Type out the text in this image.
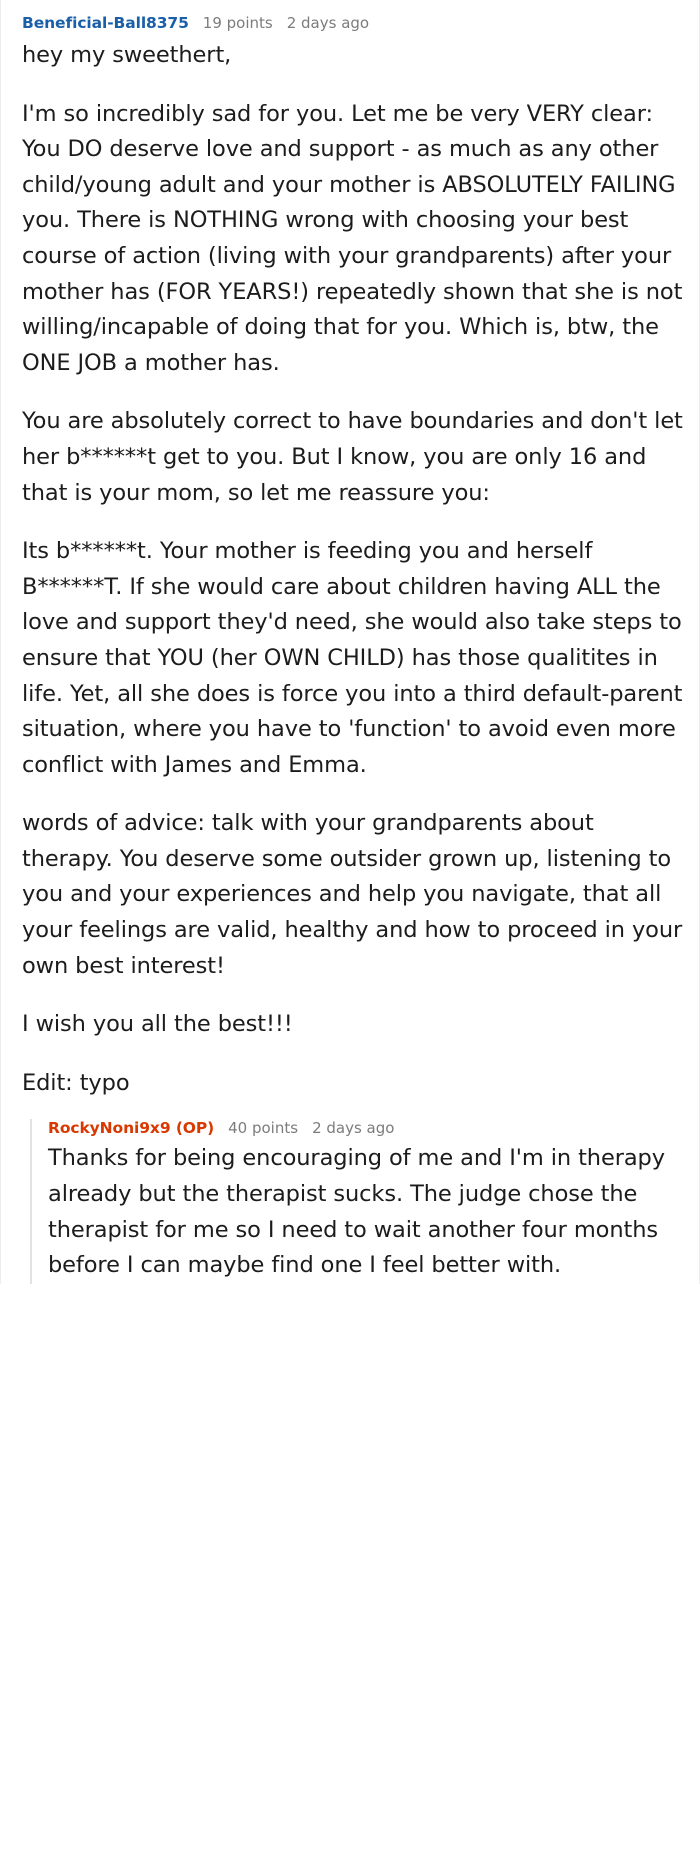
Beneficial-Ball8375 19 points 2 days ago

hey my sweethert,

I'm so incredibly sad for you. Let me be very VERY clear: You DO deserve love and support - as much as any other child/young adult and your mother is ABSOLUTELY FAILING you. There is NOTHING wrong with choosing your best course of action (living with your grandparents) after your mother has (FOR YEARS!) repeatedly shown that she is not willing/incapable of doing that for you. Which is, btw, the ONE JOB a mother has.

You are absolutely correct to have boundaries and don't let her b******t get to you. But I know, you are only 16 and that is your mom, so let me reassure you:

Its b******t. Your mother is feeding you and herself B******T. If she would care about children having ALL the love and support they'd need, she would also take steps to ensure that YOU (her OWN CHILD) has those qualitites in life. Yet, all she does is force you into a third default-parent situation, where you have to 'function' to avoid even more conflict with James and Emma.

words of advice: talk with your grandparents about therapy. You deserve some outsider grown up, listening to you and your experiences and help you navigate, that all your feelings are valid, healthy and how to proceed in your own best interest!

I wish you all the best!!!

Edit: typo

RockyNoni9x9 (OP) 40 points 2 days ago

Thanks for being encouraging of me and I'm in therapy already but the therapist sucks. The judge chose the therapist for me so I need to wait another four months before I can maybe find one I feel better with.
